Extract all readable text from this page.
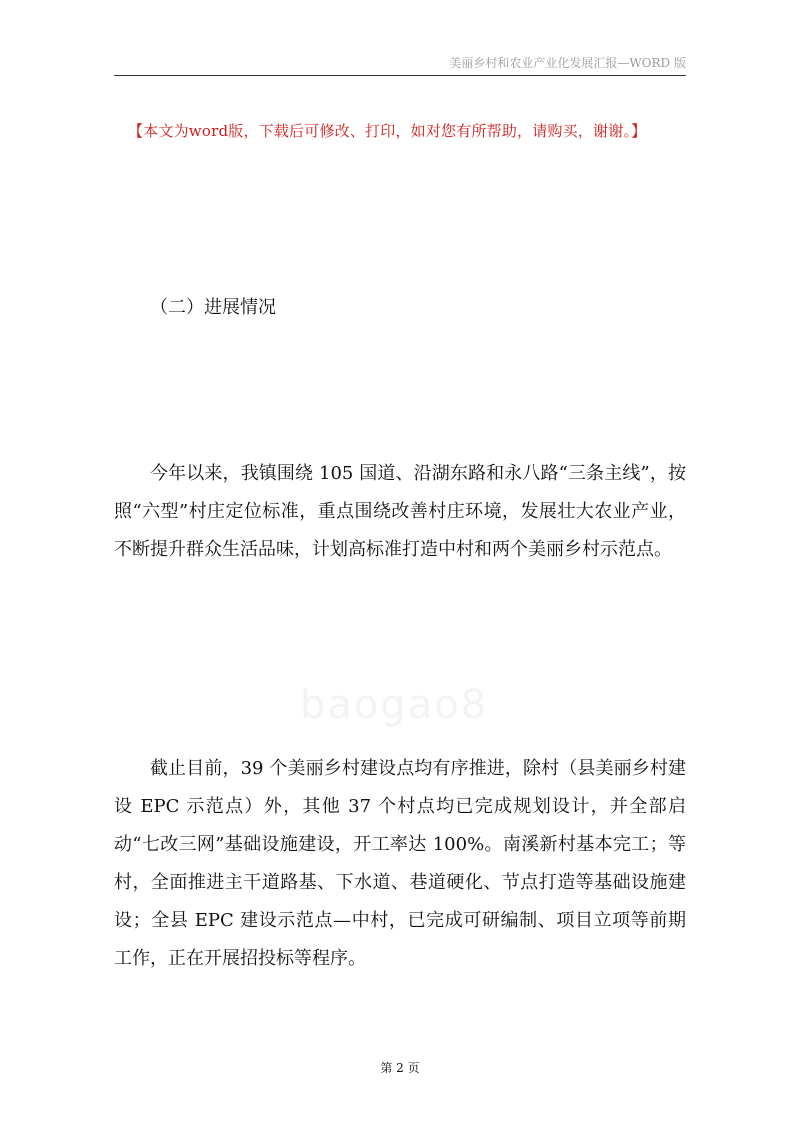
美丽乡村和农业产业化发展汇报—WORD 版
【本文为word版，下载后可修改、打印，如对您有所帮助，请购买，谢谢。】
（二）进展情况

今年以来，我镇围绕 105 国道、沿湖东路和永八路“三条主线”，按照“六型”村庄定位标准，重点围绕改善村庄环境，发展壮大农业产业，不断提升群众生活品味，计划高标准打造中村和两个美丽乡村示范点。

截止目前，39 个美丽乡村建设点均有序推进，除村（县美丽乡村建设 EPC 示范点）外，其他 37 个村点均已完成规划设计，并全部启动“七改三网”基础设施建设，开工率达 100%。南溪新村基本完工；等村，全面推进主干道路基、下水道、巷道硬化、节点打造等基础设施建设；全县 EPC 建设示范点—中村，已完成可研编制、项目立项等前期工作，正在开展招投标等程序。

第 2 页
